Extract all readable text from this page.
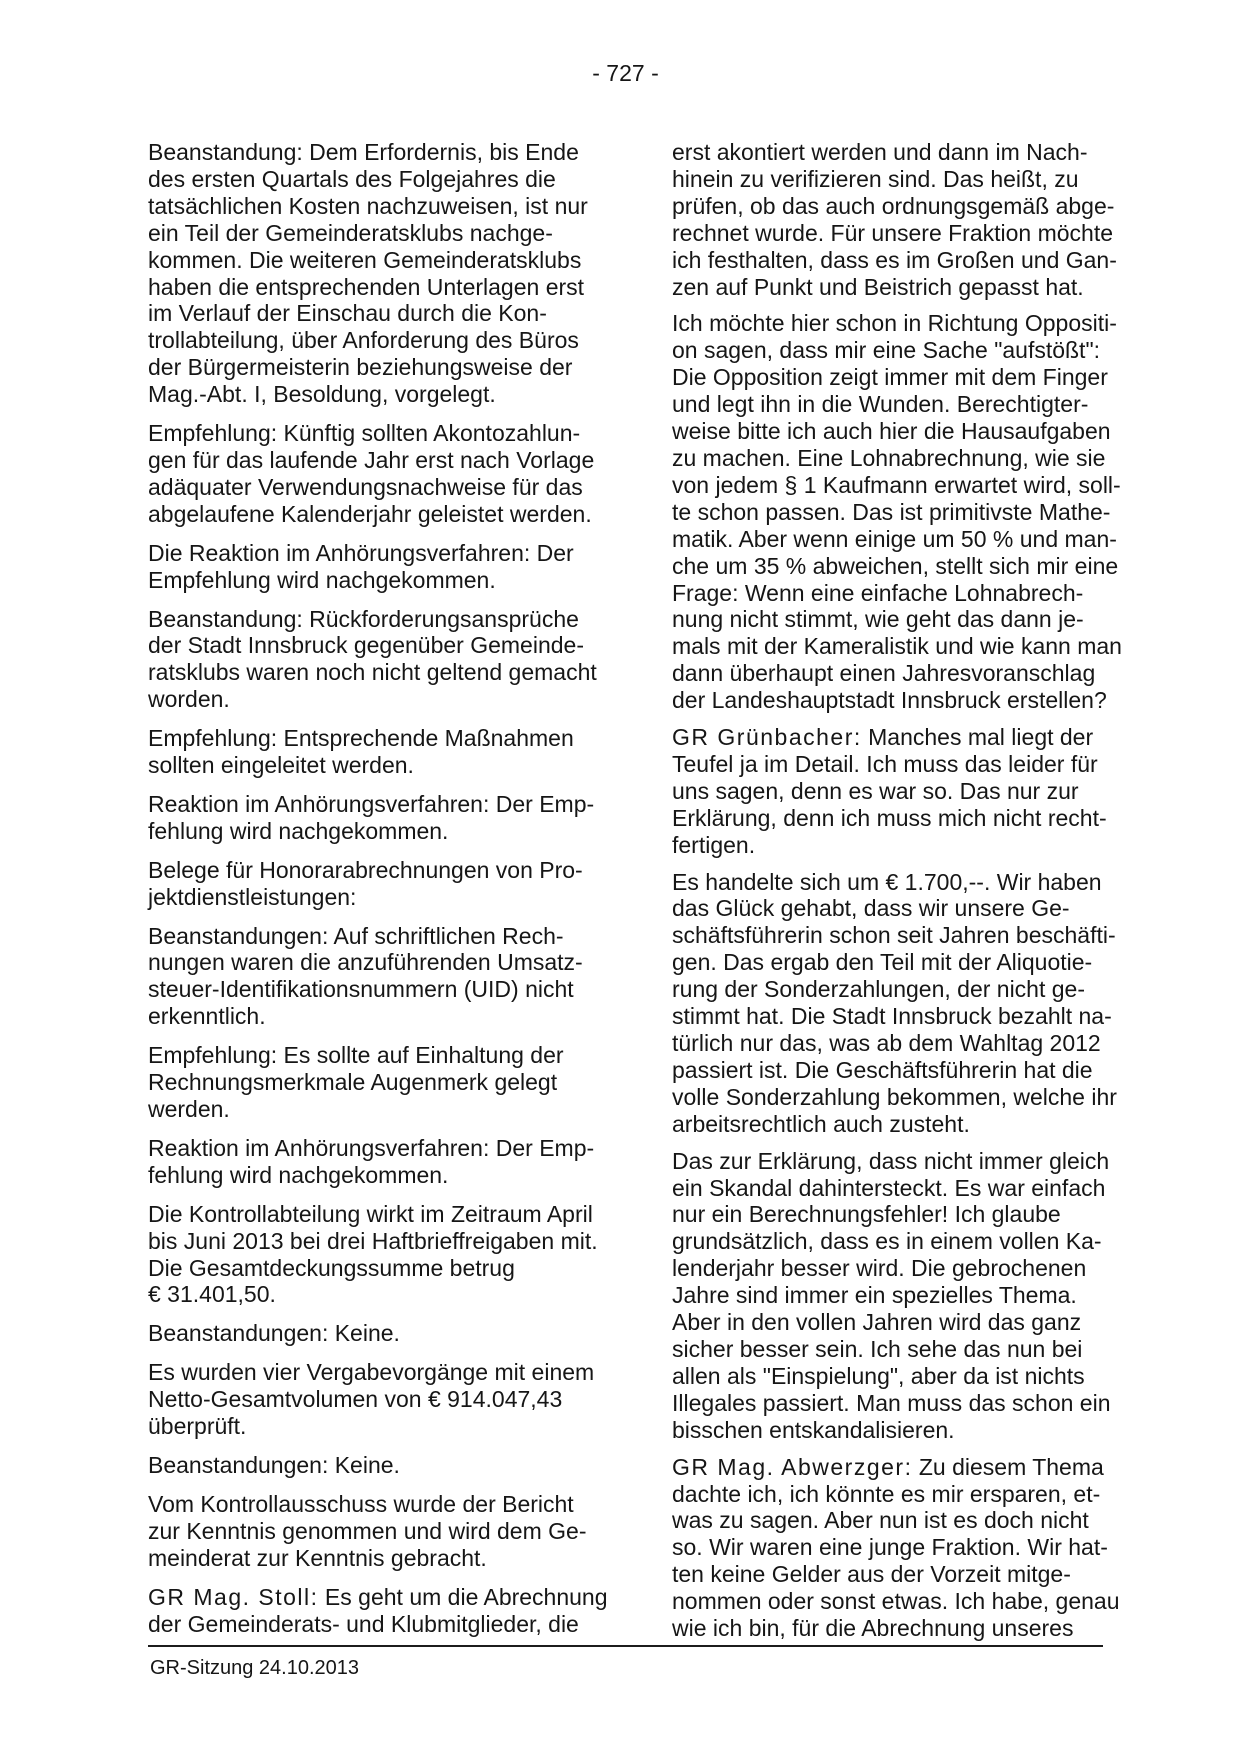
- 727 -
Beanstandung: Dem Erfordernis, bis Ende
des ersten Quartals des Folgejahres die
tatsächlichen Kosten nachzuweisen, ist nur
ein Teil der Gemeinderatsklubs nachge-
kommen. Die weiteren Gemeinderatsklubs
haben die entsprechenden Unterlagen erst
im Verlauf der Einschau durch die Kon-
trollabteilung, über Anforderung des Büros
der Bürgermeisterin beziehungsweise der
Mag.-Abt. I, Besoldung, vorgelegt.
Empfehlung: Künftig sollten Akontozahlun-
gen für das laufende Jahr erst nach Vorlage
adäquater Verwendungsnachweise für das
abgelaufene Kalenderjahr geleistet werden.
Die Reaktion im Anhörungsverfahren: Der
Empfehlung wird nachgekommen.
Beanstandung: Rückforderungsansprüche
der Stadt Innsbruck gegenüber Gemeinde-
ratsklubs waren noch nicht geltend gemacht
worden.
Empfehlung: Entsprechende Maßnahmen
sollten eingeleitet werden.
Reaktion im Anhörungsverfahren: Der Emp-
fehlung wird nachgekommen.
Belege für Honorarabrechnungen von Pro-
jektdienstleistungen:
Beanstandungen: Auf schriftlichen Rech-
nungen waren die anzuführenden Umsatz-
steuer-Identifikationsnummern (UID) nicht
erkenntlich.
Empfehlung: Es sollte auf Einhaltung der
Rechnungsmerkmale Augenmerk gelegt
werden.
Reaktion im Anhörungsverfahren: Der Emp-
fehlung wird nachgekommen.
Die Kontrollabteilung wirkt im Zeitraum April
bis Juni 2013 bei drei Haftbrieffreigaben mit.
Die Gesamtdeckungssumme betrug
€ 31.401,50.
Beanstandungen: Keine.
Es wurden vier Vergabevorgänge mit einem
Netto-Gesamtvolumen von € 914.047,43
überprüft.
Beanstandungen: Keine.
Vom Kontrollausschuss wurde der Bericht
zur Kenntnis genommen und wird dem Ge-
meinderat zur Kenntnis gebracht.
GR Mag. Stoll: Es geht um die Abrechnung
der Gemeinderats- und Klubmitglieder, die
erst akontiert werden und dann im Nach-
hinein zu verifizieren sind. Das heißt, zu
prüfen, ob das auch ordnungsgemäß abge-
rechnet wurde. Für unsere Fraktion möchte
ich festhalten, dass es im Großen und Gan-
zen auf Punkt und Beistrich gepasst hat.
Ich möchte hier schon in Richtung Oppositi-
on sagen, dass mir eine Sache "aufstößt":
Die Opposition zeigt immer mit dem Finger
und legt ihn in die Wunden. Berechtigter-
weise bitte ich auch hier die Hausaufgaben
zu machen. Eine Lohnabrechnung, wie sie
von jedem § 1 Kaufmann erwartet wird, soll-
te schon passen. Das ist primitivste Mathe-
matik. Aber wenn einige um 50 % und man-
che um 35 % abweichen, stellt sich mir eine
Frage: Wenn eine einfache Lohnabrech-
nung nicht stimmt, wie geht das dann je-
mals mit der Kameralistik und wie kann man
dann überhaupt einen Jahresvoranschlag
der Landeshauptstadt Innsbruck erstellen?
GR Grünbacher: Manches mal liegt der
Teufel ja im Detail. Ich muss das leider für
uns sagen, denn es war so. Das nur zur
Erklärung, denn ich muss mich nicht recht-
fertigen.
Es handelte sich um € 1.700,--. Wir haben
das Glück gehabt, dass wir unsere Ge-
schäftsführerin schon seit Jahren beschäfti-
gen. Das ergab den Teil mit der Aliquotie-
rung der Sonderzahlungen, der nicht ge-
stimmt hat. Die Stadt Innsbruck bezahlt na-
türlich nur das, was ab dem Wahltag 2012
passiert ist. Die Geschäftsführerin hat die
volle Sonderzahlung bekommen, welche ihr
arbeitsrechtlich auch zusteht.
Das zur Erklärung, dass nicht immer gleich
ein Skandal dahintersteckt. Es war einfach
nur ein Berechnungsfehler! Ich glaube
grundsätzlich, dass es in einem vollen Ka-
lenderjahr besser wird. Die gebrochenen
Jahre sind immer ein spezielles Thema.
Aber in den vollen Jahren wird das ganz
sicher besser sein. Ich sehe das nun bei
allen als "Einspielung", aber da ist nichts
Illegales passiert. Man muss das schon ein
bisschen entskandalisieren.
GR Mag. Abwerzger: Zu diesem Thema
dachte ich, ich könnte es mir ersparen, et-
was zu sagen. Aber nun ist es doch nicht
so. Wir waren eine junge Fraktion. Wir hat-
ten keine Gelder aus der Vorzeit mitge-
nommen oder sonst etwas. Ich habe, genau
wie ich bin, für die Abrechnung unseres
GR-Sitzung 24.10.2013
